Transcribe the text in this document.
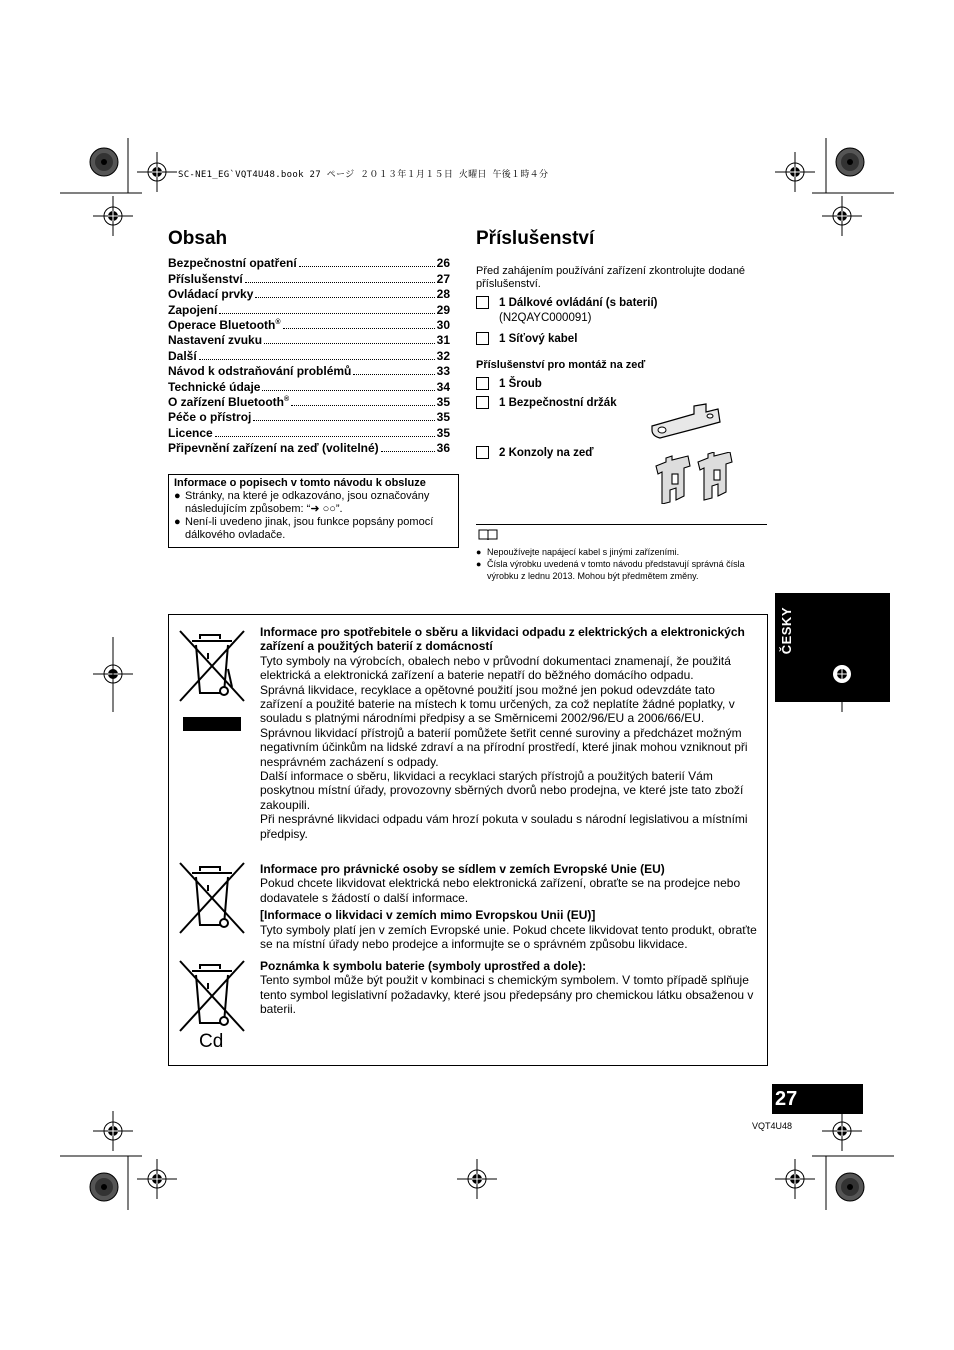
SC-NE1_EG`VQT4U48.book 27 ページ ２０１３年１月１５日 火曜日 午後１時４分
Obsah
Bezpečnostní opatření	26
Příslušenství	27
Ovládací prvky	28
Zapojení	29
Operace Bluetooth®	30
Nastavení zvuku	31
Další	32
Návod k odstraňování problémů	33
Technické údaje	34
O zařízení Bluetooth®	35
Péče o přístroj	35
Licence	35
Připevnění zařízení na zeď (volitelné)	36
Informace o popisech v tomto návodu k obsluze
● Stránky, na které je odkazováno, jsou označovány následujícím způsobem: “➜ ○○”.
● Není-li uvedeno jinak, jsou funkce popsány pomocí dálkového ovladače.
Příslušenství
Před zahájením používání zařízení zkontrolujte dodané příslušenství.
1 Dálkové ovládání (s baterií)
(N2QAYC000091)
1 Síťový kabel
Příslušenství pro montáž na zeď
1 Šroub
1 Bezpečnostní držák
2 Konzoly na zeď
● Nepoužívejte napájecí kabel s jinými zařízeními.
● Čísla výrobku uvedená v tomto návodu představují správná čísla výrobku z lednu 2013. Mohou být předmětem změny.
Cd
Informace pro spotřebitele o sběru a likvidaci odpadu z elektrických a elektronických zařízení a použitých baterií z domácností
Tyto symboly na výrobcích, obalech nebo v průvodní dokumentaci znamenají, že použitá elektrická a elektronická zařízení a baterie nepatří do běžného domácího odpadu.
Správná likvidace, recyklace a opětovné použití jsou možné jen pokud odevzdáte tato zařízení a použité baterie na místech k tomu určených, za což neplatíte žádné poplatky, v souladu s platnými národními předpisy a se Směrnicemi 2002/96/EU a 2006/66/EU.
Správnou likvidací přístrojů a baterií pomůžete šetřit cenné suroviny a předcházet možným negativním účinkům na lidské zdraví a na přírodní prostředí, které jinak mohou vzniknout při nesprávném zacházení s odpady.
Další informace o sběru, likvidaci a recyklaci starých přístrojů a použitých baterií Vám poskytnou místní úřady, provozovny sběrných dvorů nebo prodejna, ve které jste tato zboží zakoupili.
Při nesprávné likvidaci odpadu vám hrozí pokuta v souladu s národní legislativou a místními předpisy.
Informace pro právnické osoby se sídlem v zemích Evropské Unie (EU)
Pokud chcete likvidovat elektrická nebo elektronická zařízení, obraťte se na prodejce nebo dodavatele s žádostí o další informace.
[Informace o likvidaci v zemích mimo Evropskou Unii (EU)]
Tyto symboly platí jen v zemích Evropské unie. Pokud chcete likvidovat tento produkt, obraťte se na místní úřady nebo prodejce a informujte se o správném způsobu likvidace.
Poznámka k symbolu baterie (symboly uprostřed a dole):
Tento symbol může být použit v kombinaci s chemickým symbolem. V tomto případě splňuje tento symbol legislativní požadavky, které jsou předepsány pro chemickou látku obsaženou v baterii.
ČESKY
27
VQT4U48
